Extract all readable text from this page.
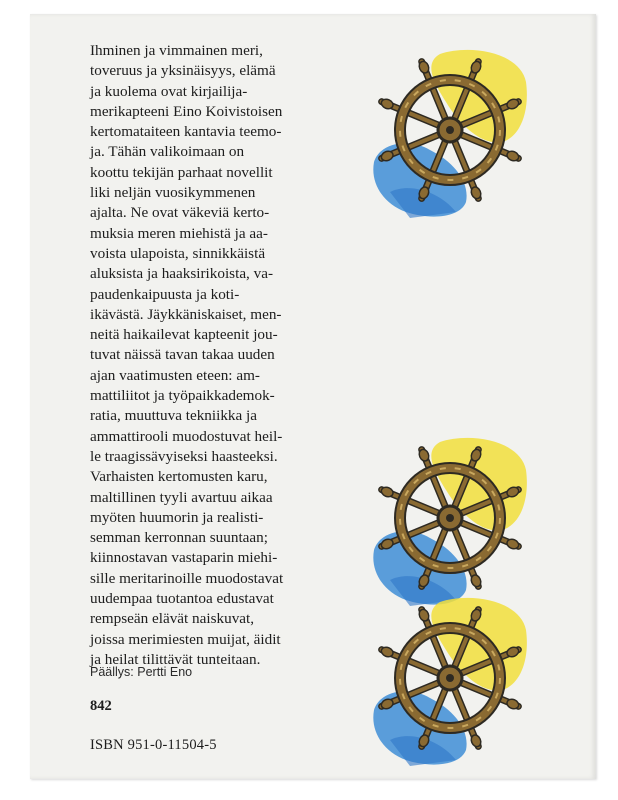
Ihminen ja vimmainen meri,
toveruus ja yksinäisyys, elämä
ja kuolema ovat kirjailija-
merikapteeni Eino Koivistoisen
kertomataiteen kantavia teemo-
ja. Tähän valikoimaan on
koottu tekijän parhaat novellit
liki neljän vuosikymmenen
ajalta. Ne ovat väkeviä kerto-
muksia meren miehistä ja aa-
voista ulapoista, sinnikkäistä
aluksista ja haaksirikoista, va-
paudenkaipuusta ja koti-
ikävästä. Jäykkäniskaiset, men-
neitä haikailevat kapteenit jou-
tuvat näissä tavan takaa uuden
ajan vaatimusten eteen: am-
mattiliitot ja työpaikkademok-
ratia, muuttuva tekniikka ja
ammattirooli muodostuvat heil-
le traagissävyiseksi haasteeksi.
Varhaisten kertomusten karu,
maltillinen tyyli avartuu aikaa
myöten huumorin ja realisti-
semman kerronnan suuntaan;
kiinnostavan vastaparin miehi-
sille meritarinoille muodostavat
uudempaa tuotantoa edustavat
rempseän elävät naiskuvat,
joissa merimiesten muijat, äidit
ja heilat tilittävät tunteitaan.
Päällys: Pertti Eno
842
ISBN 951-0-11504-5
